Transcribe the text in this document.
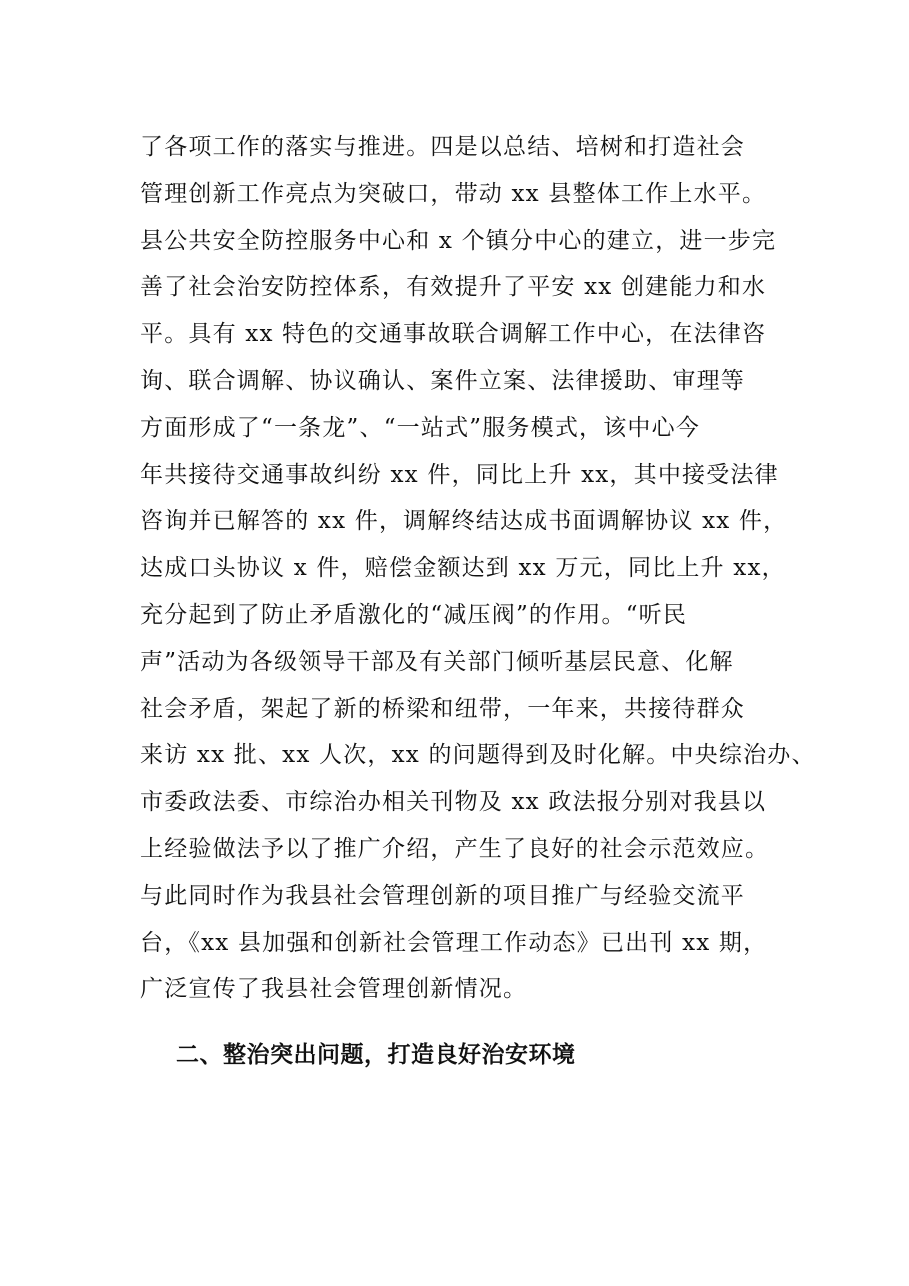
了各项工作的落实与推进。四是以总结、培树和打造社会
管理创新工作亮点为突破口，带动 xx 县整体工作上水平。
县公共安全防控服务中心和 x 个镇分中心的建立，进一步完
善了社会治安防控体系，有效提升了平安 xx 创建能力和水
平。具有 xx 特色的交通事故联合调解工作中心，在法律咨
询、联合调解、协议确认、案件立案、法律援助、审理等
方面形成了“一条龙”、“一站式”服务模式，该中心今
年共接待交通事故纠纷 xx 件，同比上升 xx，其中接受法律
咨询并已解答的 xx 件，调解终结达成书面调解协议 xx 件，
达成口头协议 x 件，赔偿金额达到 xx 万元，同比上升 xx，
充分起到了防止矛盾激化的“减压阀”的作用。“听民
声”活动为各级领导干部及有关部门倾听基层民意、化解
社会矛盾，架起了新的桥梁和纽带，一年来，共接待群众
来访 xx 批、xx 人次，xx 的问题得到及时化解。中央综治办、
市委政法委、市综治办相关刊物及 xx 政法报分别对我县以
上经验做法予以了推广介绍，产生了良好的社会示范效应。
与此同时作为我县社会管理创新的项目推广与经验交流平
台，《xx 县加强和创新社会管理工作动态》已出刊 xx 期，
广泛宣传了我县社会管理创新情况。
二、整治突出问题，打造良好治安环境
